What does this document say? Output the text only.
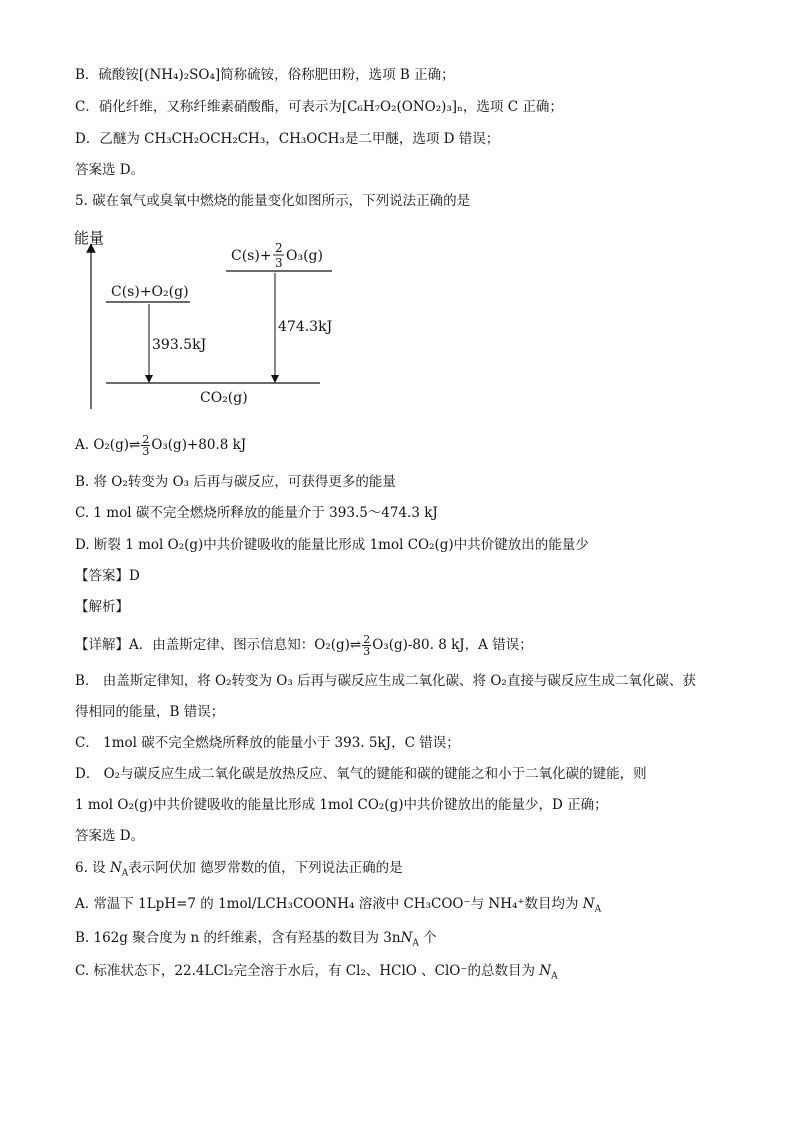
B．硫酸铵[(NH₄)₂SO₄]简称硫铵，俗称肥田粉，选项 B 正确；
C．硝化纤维，又称纤维素硝酸酯，可表示为[C₆H₇O₂(ONO₂)₃]ₙ，选项 C 正确；
D．乙醚为 CH₃CH₂OCH₂CH₃，CH₃OCH₃是二甲醚，选项 D 错误；
答案选 D。
5. 碳在氧气或臭氧中燃烧的能量变化如图所示，下列说法正确的是
能量
C(s)+O₂(g)
C(s)+ 2
3 O₃(g)
CO₂(g)
393.5kJ
474.3kJ
A. O₂(g)⇌ $\frac{2}{3} O_3(g)+80.8$ kJ
B. 将 O₂转变为 O₃ 后再与碳反应，可获得更多的能量
C. 1 mol 碳不完全燃烧所释放的能量介于 393.5～474.3 kJ
D. 断裂 1 mol O₂(g)中共价键吸收的能量比形成 1mol CO₂(g)中共价键放出的能量少
【答案】D
【解析】
【详解】A．由盖斯定律、图示信息知：O₂(g)⇌ $\frac{2}{3} O_3(g)-80$. 8 kJ，A 错误；
B． 由盖斯定律知，将 O₂转变为 O₃ 后再与碳反应生成二氧化碳、将 O₂直接与碳反应生成二氧化碳、获
得相同的能量，B 错误；
C． 1mol 碳不完全燃烧所释放的能量小于 393. 5kJ，C 错误；
D． O₂与碳反应生成二氧化碳是放热反应、氧气的键能和碳的键能之和小于二氧化碳的键能，则
1 mol O₂(g)中共价键吸收的能量比形成 1mol CO₂(g)中共价键放出的能量少，D 正确；
答案选 D。
6. 设 $N_A$表示阿伏加 德罗常数的值，下列说法正确的是
A. 常温下 1LpH=7 的 1mol/LCH₃COONH₄ 溶液中 CH₃COO⁻与 NH₄⁺数目均为 $N_A$
B. 162g 聚合度为 n 的纤维素，含有羟基的数目为 $3nN_A$ 个
C. 标准状态下，22.4LCl₂完全溶于水后，有 Cl₂、HClO 、ClO⁻的总数目为 $N_A$
